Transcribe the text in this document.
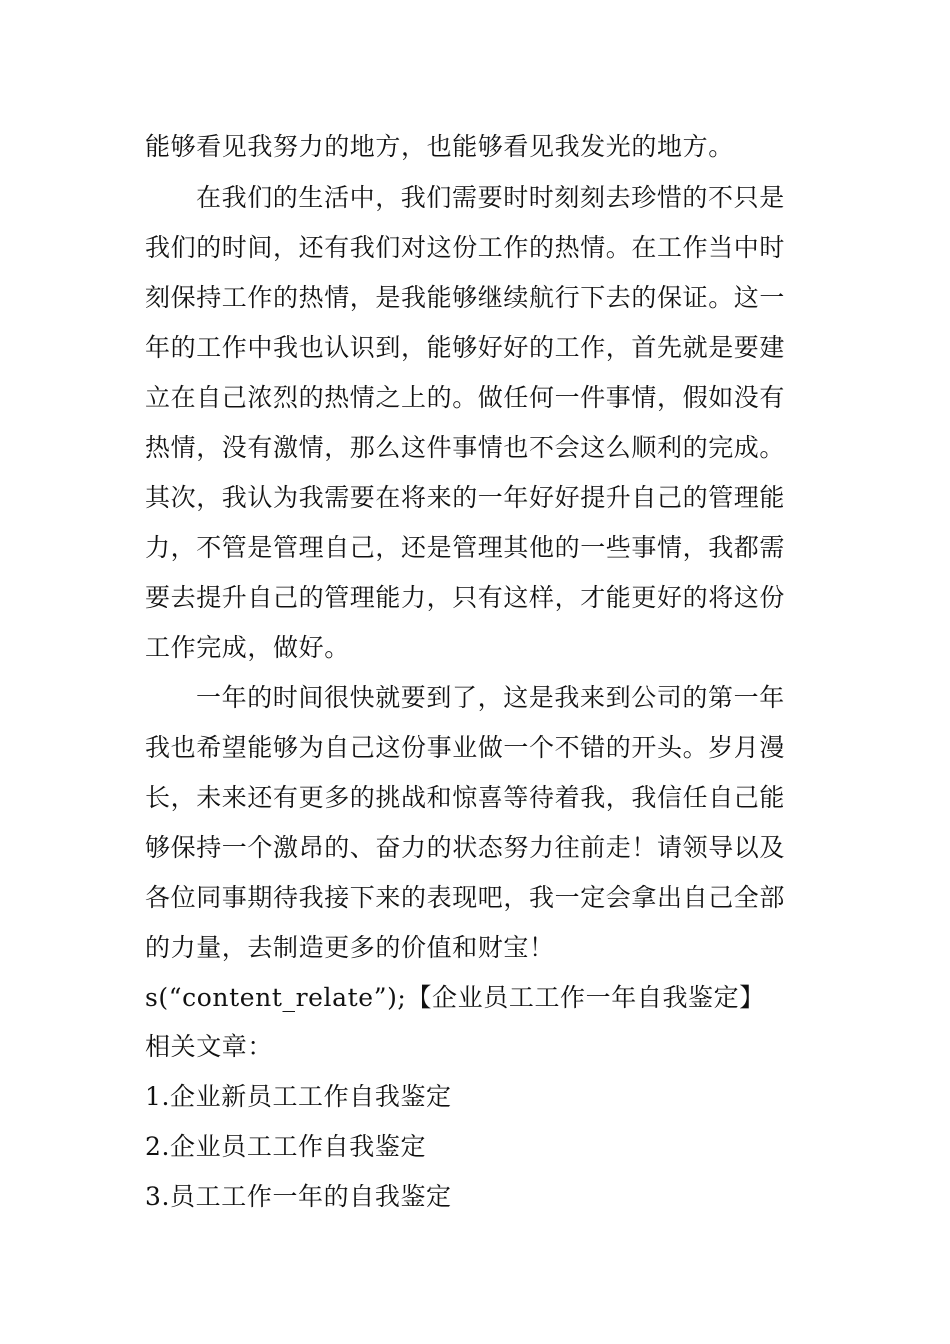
能够看见我努力的地方，也能够看见我发光的地方。
在我们的生活中，我们需要时时刻刻去珍惜的不只是
我们的时间，还有我们对这份工作的热情。在工作当中时
刻保持工作的热情，是我能够继续航行下去的保证。这一
年的工作中我也认识到，能够好好的工作，首先就是要建
立在自己浓烈的热情之上的。做任何一件事情，假如没有
热情，没有激情，那么这件事情也不会这么顺利的完成。
其次，我认为我需要在将来的一年好好提升自己的管理能
力，不管是管理自己，还是管理其他的一些事情，我都需
要去提升自己的管理能力，只有这样，才能更好的将这份
工作完成，做好。
一年的时间很快就要到了，这是我来到公司的第一年
我也希望能够为自己这份事业做一个不错的开头。岁月漫
长，未来还有更多的挑战和惊喜等待着我，我信任自己能
够保持一个激昂的、奋力的状态努力往前走！请领导以及
各位同事期待我接下来的表现吧，我一定会拿出自己全部
的力量，去制造更多的价值和财宝！
s(“content_relate”);【企业员工工作一年自我鉴定】
相关文章：
1.企业新员工工作自我鉴定
2.企业员工工作自我鉴定
3.员工工作一年的自我鉴定
